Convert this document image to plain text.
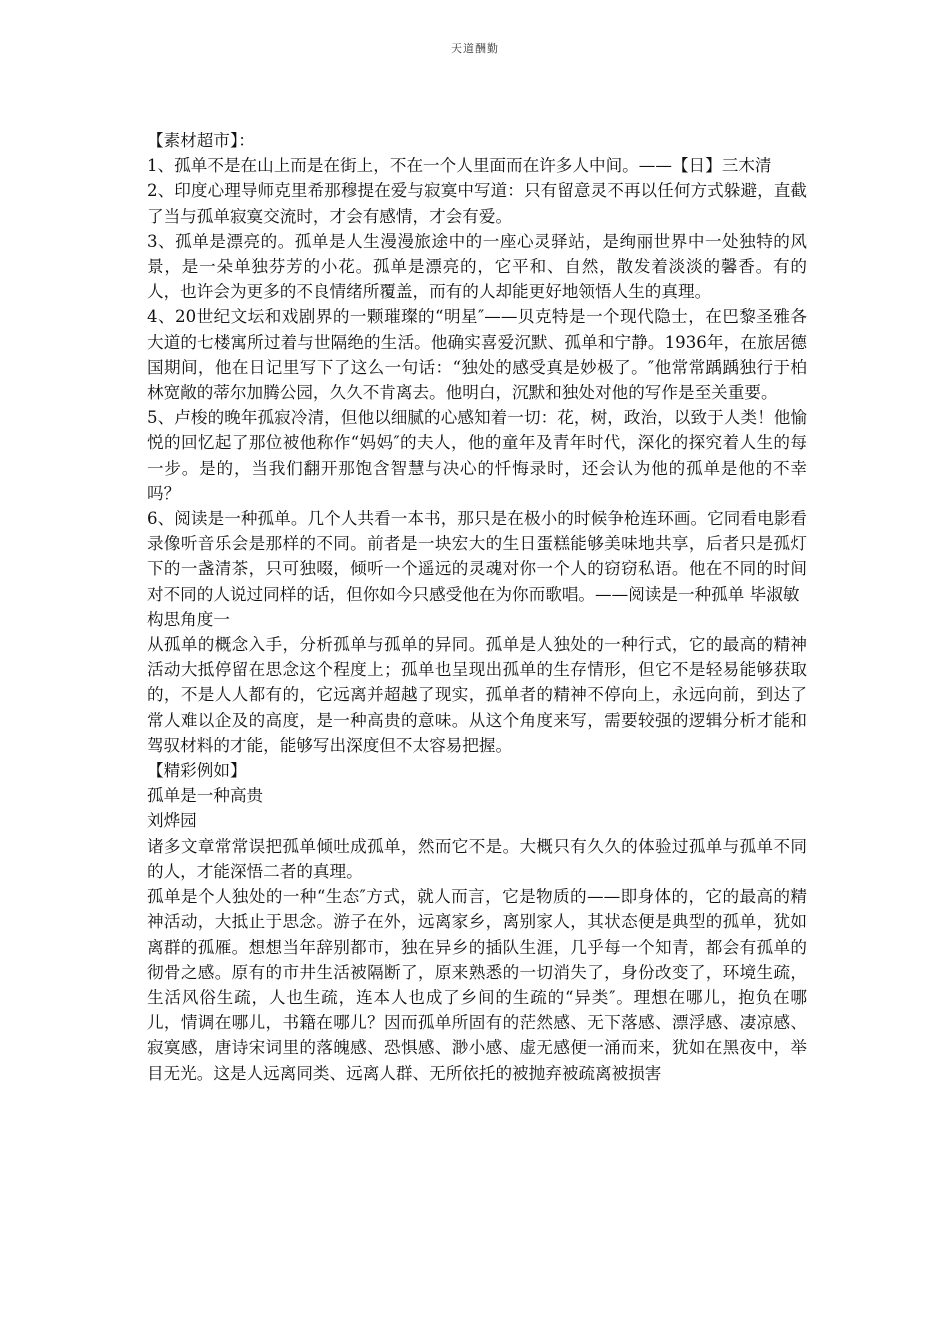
天道酬勤

【素材超市】：

1、孤单不是在山上而是在街上，不在一个人里面而在许多人中间。——【日】三木清

2、印度心理导师克里希那穆提在爱与寂寞中写道：只有留意灵不再以任何方式躲避，直截了当与孤单寂寞交流时，才会有感情，才会有爱。

3、孤单是漂亮的。孤单是人生漫漫旅途中的一座心灵驿站，是绚丽世界中一处独特的风景，是一朵单独芬芳的小花。孤单是漂亮的，它平和、自然，散发着淡淡的馨香。有的人，也许会为更多的不良情绪所覆盖，而有的人却能更好地领悟人生的真理。

4、20世纪文坛和戏剧界的一颗璀璨的“明星″——贝克特是一个现代隐士，在巴黎圣雅各大道的七楼寓所过着与世隔绝的生活。他确实喜爱沉默、孤单和宁静。1936年，在旅居德国期间，他在日记里写下了这么一句话：“独处的感受真是妙极了。″他常常踽踽独行于柏林宽敞的蒂尔加腾公园，久久不肯离去。他明白，沉默和独处对他的写作是至关重要。

5、卢梭的晚年孤寂冷清，但他以细腻的心感知着一切：花，树，政治，以致于人类！他愉悦的回忆起了那位被他称作“妈妈″的夫人，他的童年及青年时代，深化的探究着人生的每一步。是的，当我们翻开那饱含智慧与决心的忏悔录时，还会认为他的孤单是他的不幸吗？

6、阅读是一种孤单。几个人共看一本书，那只是在极小的时候争枪连环画。它同看电影看录像听音乐会是那样的不同。前者是一块宏大的生日蛋糕能够美味地共享，后者只是孤灯下的一盏清茶，只可独啜，倾听一个遥远的灵魂对你一个人的窃窃私语。他在不同的时间对不同的人说过同样的话，但你如今只感受他在为你而歌唱。——阅读是一种孤单 毕淑敏

构思角度一

从孤单的概念入手，分析孤单与孤单的异同。孤单是人独处的一种行式，它的最高的精神活动大抵停留在思念这个程度上；孤单也呈现出孤单的生存情形，但它不是轻易能够获取的，不是人人都有的，它远离并超越了现实，孤单者的精神不停向上，永远向前，到达了常人难以企及的高度，是一种高贵的意味。从这个角度来写，需要较强的逻辑分析才能和驾驭材料的才能，能够写出深度但不太容易把握。

【精彩例如】

孤单是一种高贵

刘烨园

诸多文章常常误把孤单倾吐成孤单，然而它不是。大概只有久久的体验过孤单与孤单不同的人，才能深悟二者的真理。

孤单是个人独处的一种“生态″方式，就人而言，它是物质的——即身体的，它的最高的精神活动，大抵止于思念。游子在外，远离家乡，离别家人，其状态便是典型的孤单，犹如离群的孤雁。想想当年辞别都市，独在异乡的插队生涯，几乎每一个知青，都会有孤单的彻骨之感。原有的市井生活被隔断了，原来熟悉的一切消失了，身份改变了，环境生疏，生活风俗生疏，人也生疏，连本人也成了乡间的生疏的“异类″。理想在哪儿，抱负在哪儿，情调在哪儿，书籍在哪儿？因而孤单所固有的茫然感、无下落感、漂浮感、凄凉感、寂寞感，唐诗宋词里的落魄感、恐惧感、渺小感、虚无感便一涌而来，犹如在黑夜中，举目无光。这是人远离同类、远离人群、无所依托的被抛弃被疏离被损害
